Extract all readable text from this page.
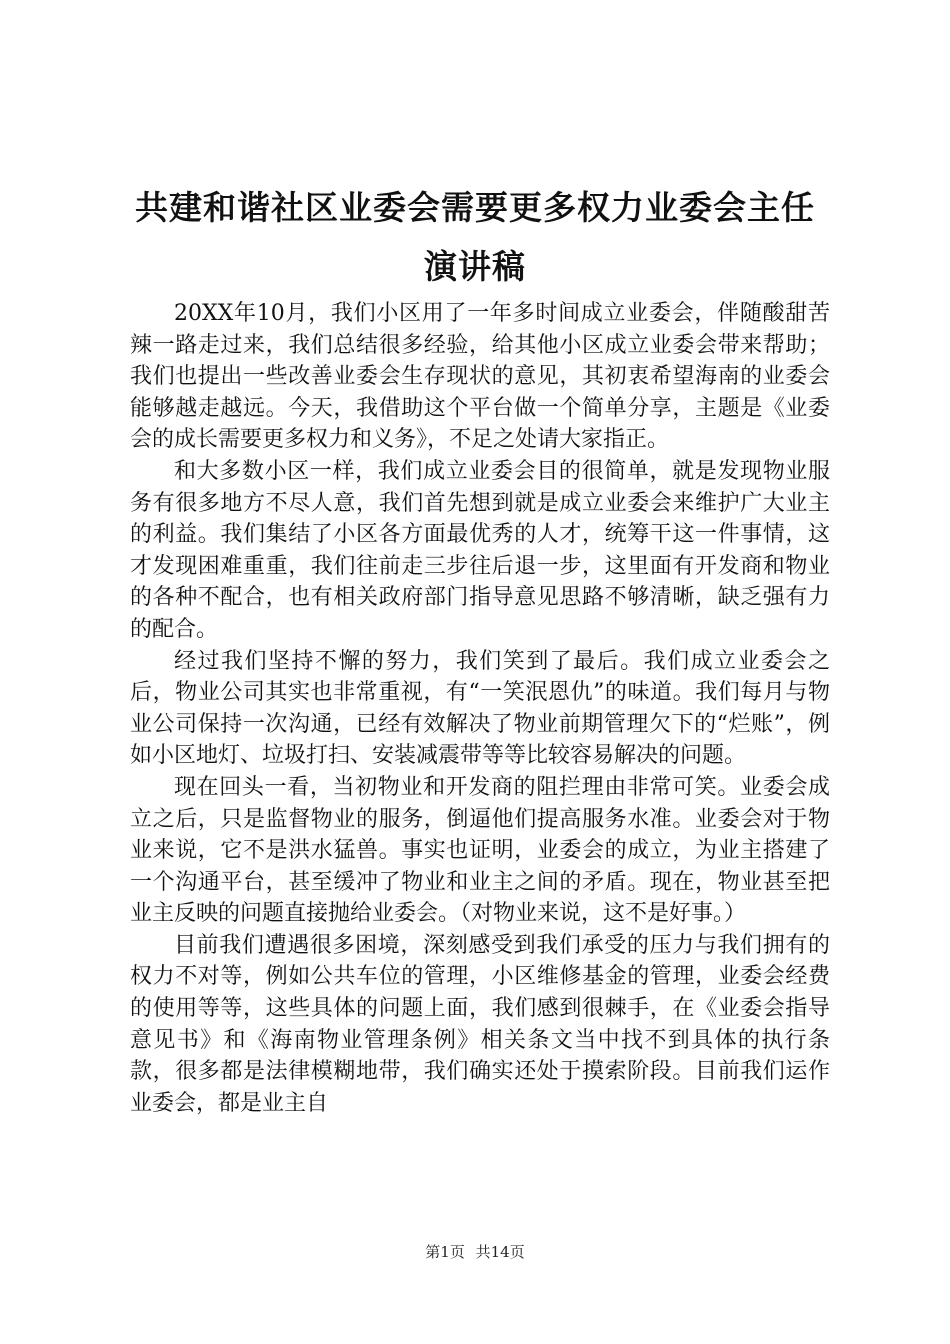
共建和谐社区业委会需要更多权力业委会主任演讲稿

20XX年10月，我们小区用了一年多时间成立业委会，伴随酸甜苦辣一路走过来，我们总结很多经验，给其他小区成立业委会带来帮助；我们也提出一些改善业委会生存现状的意见，其初衷希望海南的业委会能够越走越远。今天，我借助这个平台做一个简单分享，主题是《业委会的成长需要更多权力和义务》，不足之处请大家指正。

和大多数小区一样，我们成立业委会目的很简单，就是发现物业服务有很多地方不尽人意，我们首先想到就是成立业委会来维护广大业主的利益。我们集结了小区各方面最优秀的人才，统筹干这一件事情，这才发现困难重重，我们往前走三步往后退一步，这里面有开发商和物业的各种不配合，也有相关政府部门指导意见思路不够清晰，缺乏强有力的配合。

经过我们坚持不懈的努力，我们笑到了最后。我们成立业委会之后，物业公司其实也非常重视，有“一笑泯恩仇”的味道。我们每月与物业公司保持一次沟通，已经有效解决了物业前期管理欠下的“烂账”，例如小区地灯、垃圾打扫、安装减震带等等比较容易解决的问题。

现在回头一看，当初物业和开发商的阻拦理由非常可笑。业委会成立之后，只是监督物业的服务，倒逼他们提高服务水准。业委会对于物业来说，它不是洪水猛兽。事实也证明，业委会的成立，为业主搭建了一个沟通平台，甚至缓冲了物业和业主之间的矛盾。现在，物业甚至把业主反映的问题直接抛给业委会。（对物业来说，这不是好事。）

目前我们遭遇很多困境，深刻感受到我们承受的压力与我们拥有的权力不对等，例如公共车位的管理，小区维修基金的管理，业委会经费的使用等等，这些具体的问题上面，我们感到很棘手，在《业委会指导意见书》和《海南物业管理条例》相关条文当中找不到具体的执行条款，很多都是法律模糊地带，我们确实还处于摸索阶段。目前我们运作业委会，都是业主自

第1页 共14页
